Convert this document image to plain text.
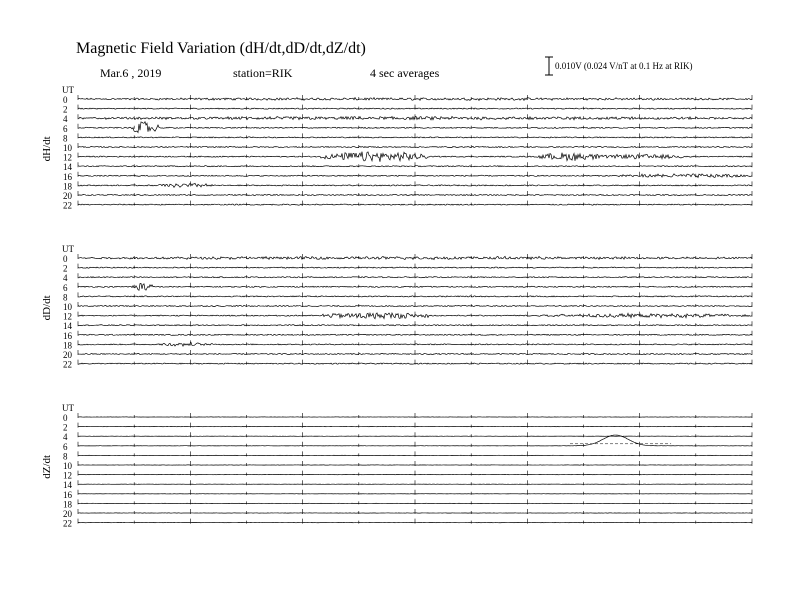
Magnetic Field Variation (dH/dt,dD/dt,dZ/dt)
Mar.6 , 2019	station=RIK	4 sec averages	0.010V (0.024 V/nT at 0.1 Hz at RIK)
UT
dH/dt
0
2
4
6
8
10
12
14
16
18
20
22
UT
dD/dt
0
2
4
6
8
10
12
14
16
18
20
22
UT
dZ/dt
0
2
4
6
8
10
12
14
16
18
20
22
